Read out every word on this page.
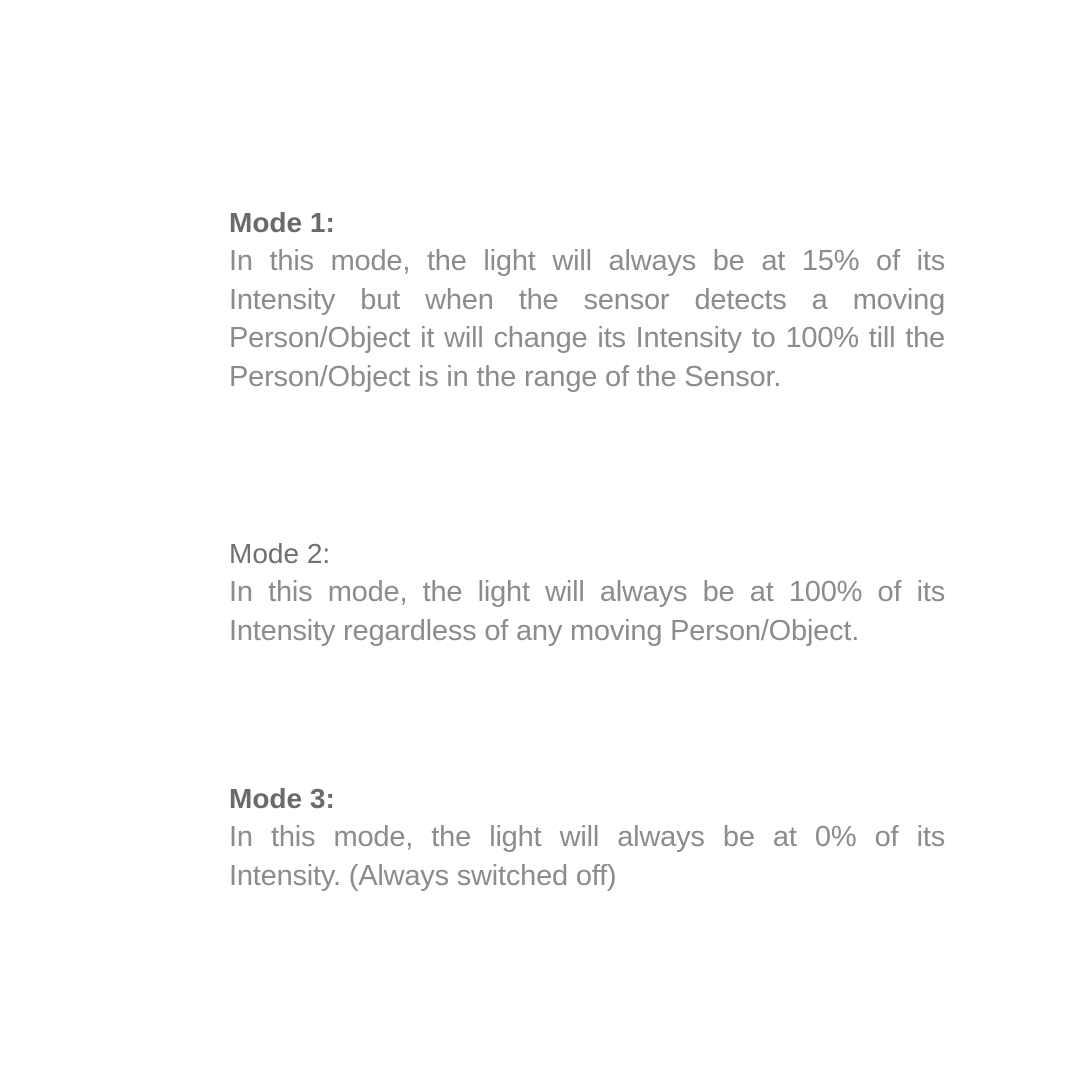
Mode 1:

In this mode, the light will always be at 15% of its Intensity but when the sensor detects a moving Person/Object it will change its Intensity to 100% till the Person/Object is in the range of the Sensor.

Mode 2:

In this mode, the light will always be at 100% of its Intensity regardless of any moving Person/Object.

Mode 3:

In this mode, the light will always be at 0% of its Intensity. (Always switched off)
